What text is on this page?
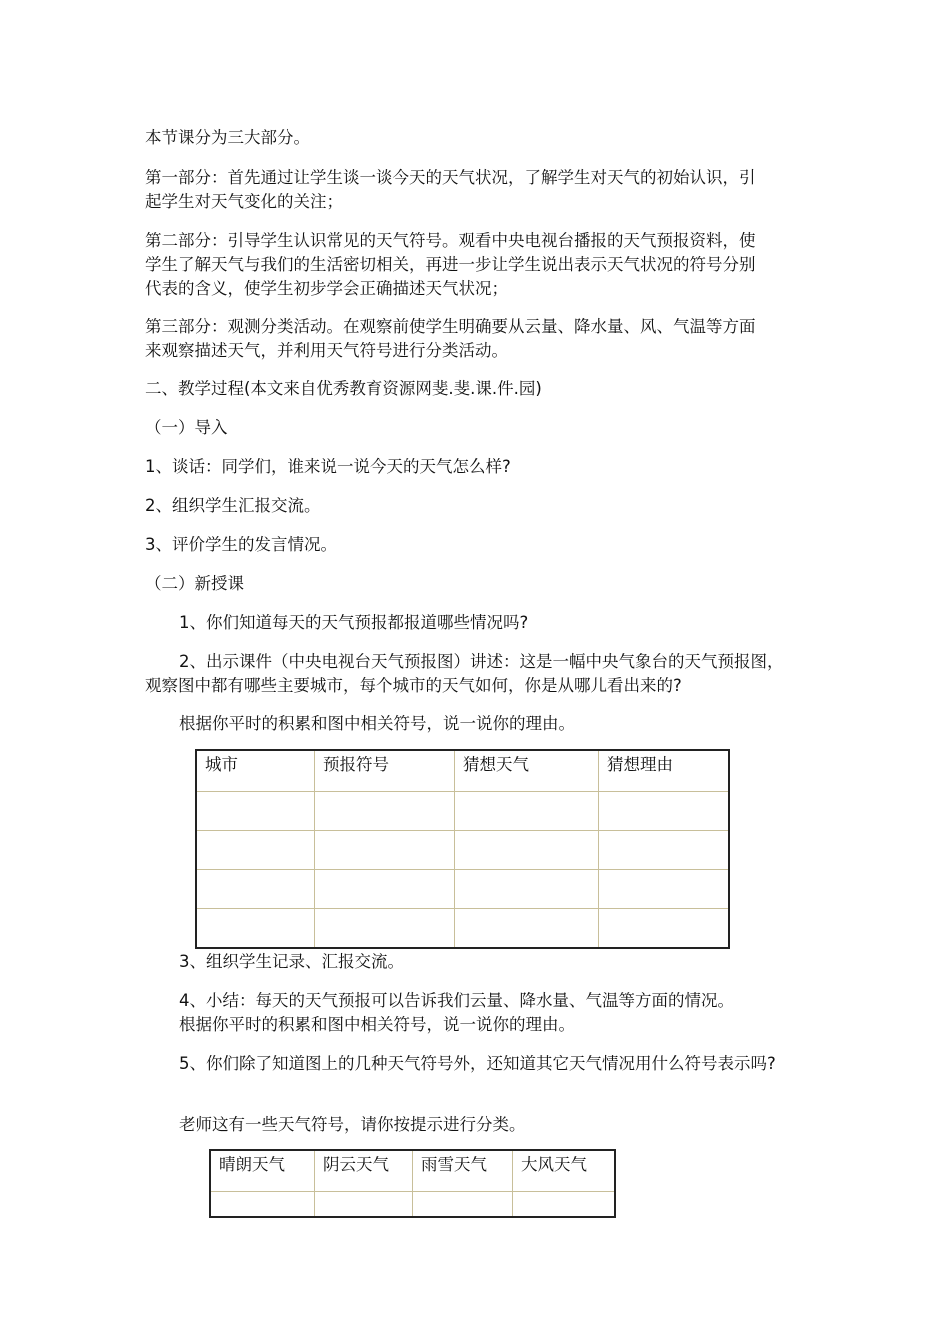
本节课分为三大部分。
第一部分：首先通过让学生谈一谈今天的天气状况，了解学生对天气的初始认识，引
起学生对天气变化的关注；
第二部分：引导学生认识常见的天气符号。观看中央电视台播报的天气预报资料，使
学生了解天气与我们的生活密切相关，再进一步让学生说出表示天气状况的符号分别
代表的含义，使学生初步学会正确描述天气状况；
第三部分：观测分类活动。在观察前使学生明确要从云量、降水量、风、气温等方面
来观察描述天气，并利用天气符号进行分类活动。
二、教学过程(本文来自优秀教育资源网斐.斐.课.件.园)
（一）导入
1、谈话：同学们，谁来说一说今天的天气怎么样?
2、组织学生汇报交流。
3、评价学生的发言情况。
（二）新授课
1、你们知道每天的天气预报都报道哪些情况吗?
2、出示课件（中央电视台天气预报图）讲述：这是一幅中央气象台的天气预报图，
观察图中都有哪些主要城市，每个城市的天气如何，你是从哪儿看出来的?
根据你平时的积累和图中相关符号，说一说你的理由。
城市	预报符号	猜想天气	猜想理由

3、组织学生记录、汇报交流。
4、小结：每天的天气预报可以告诉我们云量、降水量、气温等方面的情况。
根据你平时的积累和图中相关符号，说一说你的理由。
5、你们除了知道图上的几种天气符号外，还知道其它天气情况用什么符号表示吗?
老师这有一些天气符号，请你按提示进行分类。
晴朗天气	阴云天气	雨雪天气	大风天气
